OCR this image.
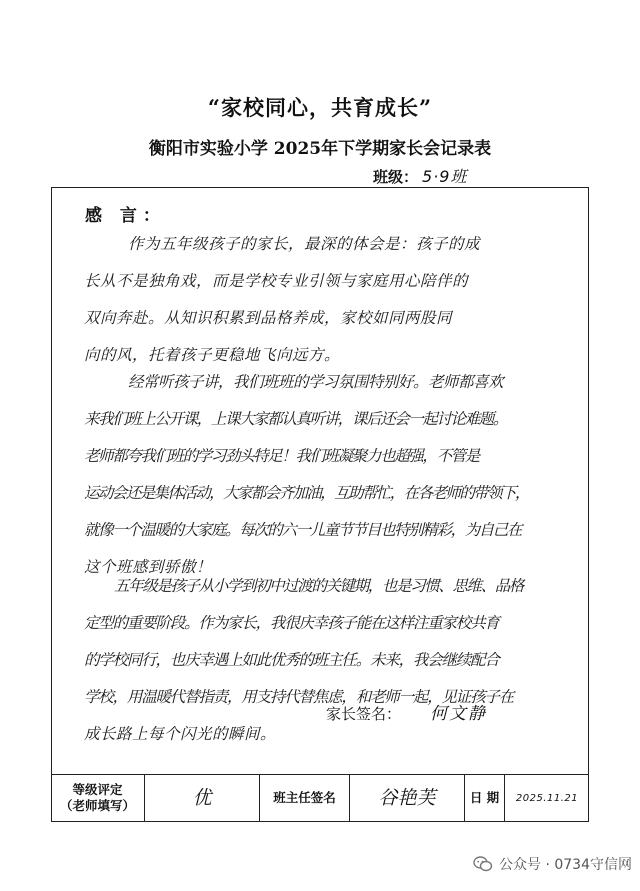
“家校同心，共育成长”
衡阳市实验小学 2025年下学期家长会记录表
班级： 5·9班
感 言：
作为五年级孩子的家长，最深的体会是：孩子的成
长从不是独角戏，而是学校专业引领与家庭用心陪伴的
双向奔赴。从知识积累到品格养成，家校如同两股同
向的风，托着孩子更稳地飞向远方。
经常听孩子讲，我们班班的学习氛围特别好。老师都喜欢
来我们班上公开课，上课大家都认真听讲，课后还会一起讨论难题。
老师都夸我们班的学习劲头特足！我们班凝聚力也超强，不管是
运动会还是集体活动，大家都会齐加油，互助帮忙，在各老师的带领下，
就像一个温暖的大家庭。每次的六一儿童节节目也特别精彩，为自己在
这个班感到骄傲！
五年级是孩子从小学到初中过渡的关键期，也是习惯、思维、品格
定型的重要阶段。作为家长，我很庆幸孩子能在这样注重家校共育
的学校同行，也庆幸遇上如此优秀的班主任。未来，我会继续配合
学校，用温暖代替指责，用支持代替焦虑，和老师一起，见证孩子在
成长路上每个闪光的瞬间。
家长签名： 何文静
等级评定
（老师填写）	优	班主任签名	谷艳芙	日 期	2025.11.21
公众号 · 0734守信网
